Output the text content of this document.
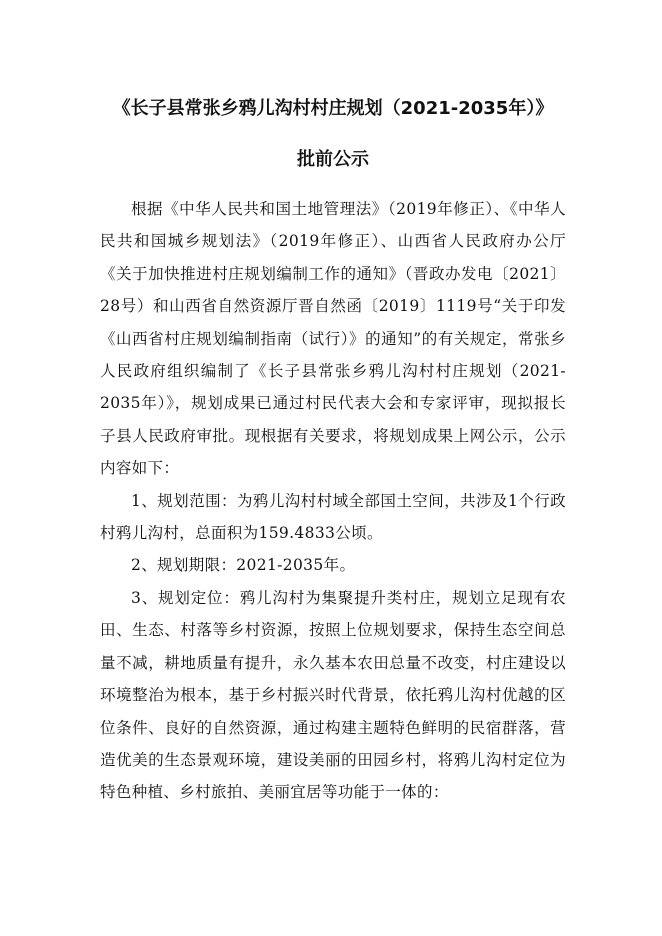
《长子县常张乡鸦儿沟村村庄规划（2021-2035年）》
批前公示

根据《中华人民共和国土地管理法》（2019年修正）、《中华人民共和国城乡规划法》（2019年修正）、山西省人民政府办公厅《关于加快推进村庄规划编制工作的通知》（晋政办发电〔2021〕28号）和山西省自然资源厅晋自然函〔2019〕1119号“关于印发《山西省村庄规划编制指南（试行）》的通知”的有关规定，常张乡人民政府组织编制了《长子县常张乡鸦儿沟村村庄规划（2021-2035年）》，规划成果已通过村民代表大会和专家评审，现拟报长子县人民政府审批。现根据有关要求，将规划成果上网公示，公示内容如下：

1、规划范围：为鸦儿沟村村域全部国土空间，共涉及1个行政村鸦儿沟村，总面积为159.4833公顷。

2、规划期限：2021-2035年。

3、规划定位：鸦儿沟村为集聚提升类村庄，规划立足现有农田、生态、村落等乡村资源，按照上位规划要求，保持生态空间总量不减，耕地质量有提升，永久基本农田总量不改变，村庄建设以环境整治为根本，基于乡村振兴时代背景，依托鸦儿沟村优越的区位条件、良好的自然资源，通过构建主题特色鲜明的民宿群落，营造优美的生态景观环境，建设美丽的田园乡村，将鸦儿沟村定位为特色种植、乡村旅拍、美丽宜居等功能于一体的：
